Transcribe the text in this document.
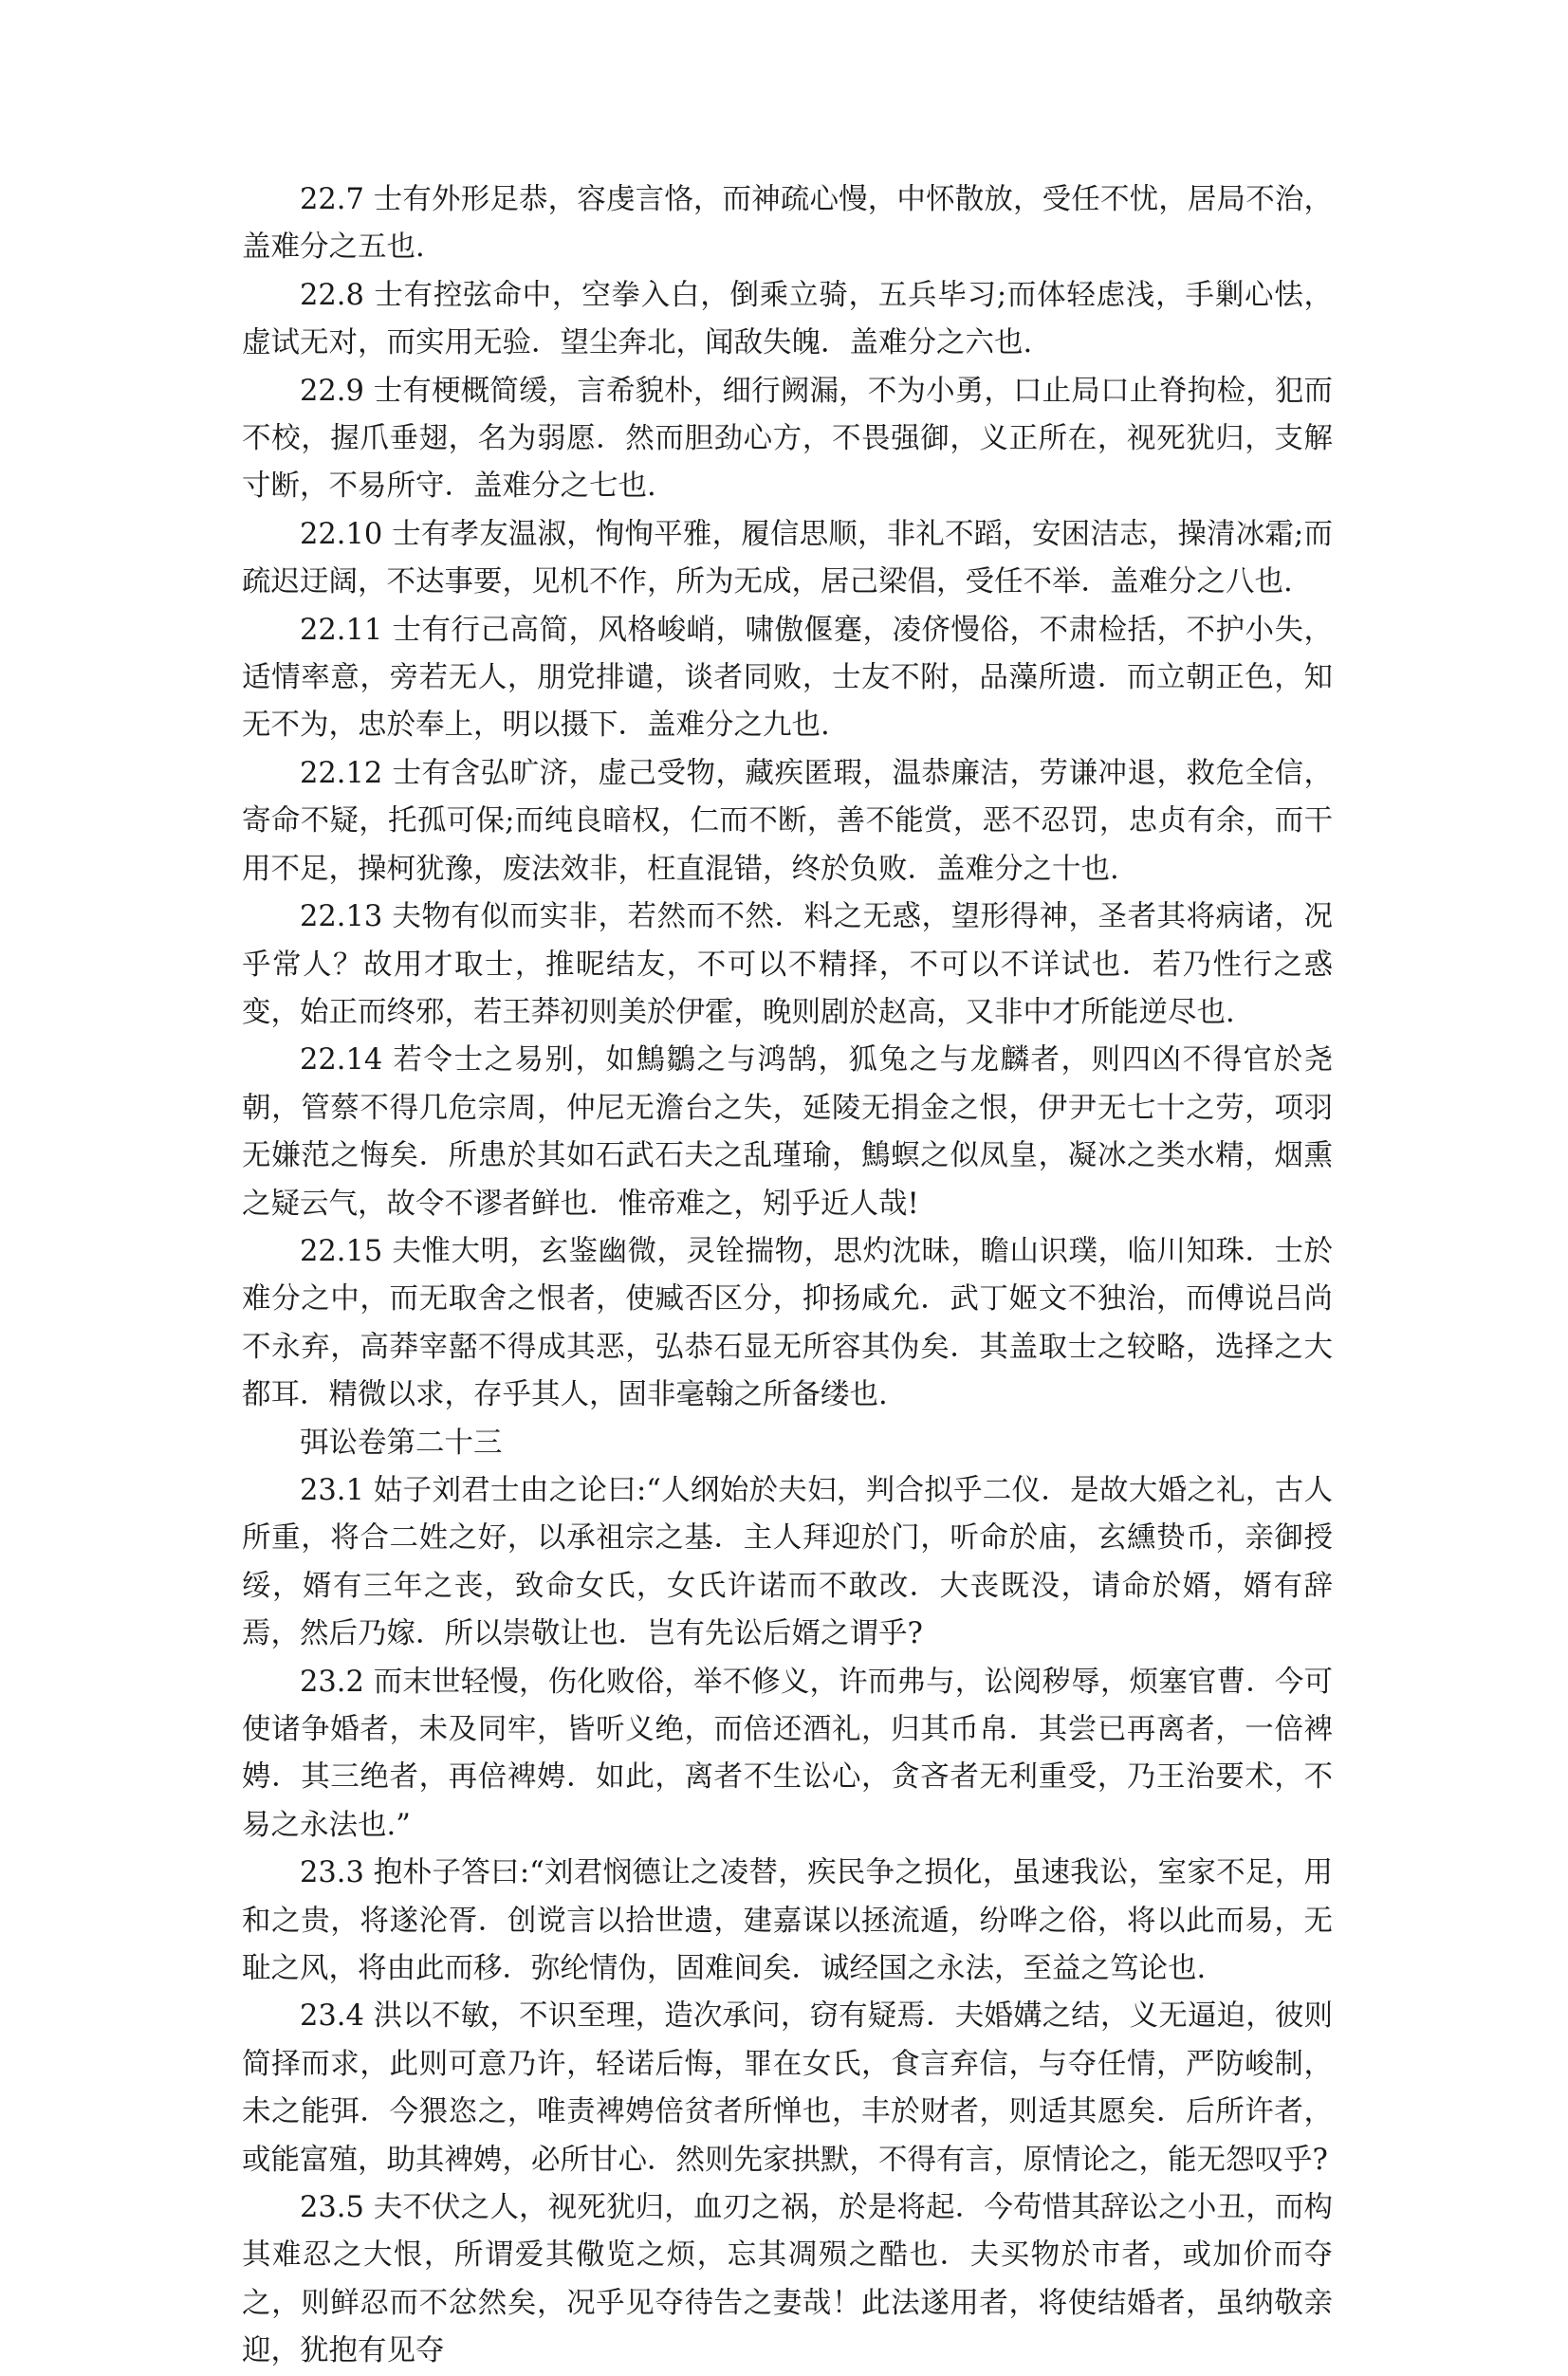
22.7 士有外形足恭，容虔言恪，而神疏心慢，中怀散放，受任不忧，居局不治，盖难分之五也.

22.8 士有控弦命中，空拳入白，倒乘立骑，五兵毕习;而体轻虑浅，手剿心怯，虚试无对，而实用无验．望尘奔北，闻敌失魄．盖难分之六也.

22.9 士有梗概简缓，言希貌朴，细行阙漏，不为小勇，口止局口止脊拘检，犯而不校，握爪垂翅，名为弱愿．然而胆劲心方，不畏强御，义正所在，视死犹归，支解寸断，不易所守．盖难分之七也.

22.10 士有孝友温淑，恂恂平雅，履信思顺，非礼不蹈，安困洁志，操清冰霜;而疏迟迂阔，不达事要，见机不作，所为无成，居己梁倡，受任不举．盖难分之八也.

22.11 士有行己高简，风格峻峭，啸傲偃蹇，凌侪慢俗，不肃检括，不护小失，适情率意，旁若无人，朋党排谴，谈者同败，士友不附，品藻所遗．而立朝正色，知无不为，忠於奉上，明以摄下．盖难分之九也.

22.12 士有含弘旷济，虚己受物，藏疾匿瑕，温恭廉洁，劳谦冲退，救危全信，寄命不疑，托孤可保;而纯良暗权，仁而不断，善不能赏，恶不忍罚，忠贞有余，而干用不足，操柯犹豫，废法效非，枉直混错，终於负败．盖难分之十也.

22.13 夫物有似而实非，若然而不然．料之无惑，望形得神，圣者其将病诸，况乎常人？故用才取士，推昵结友，不可以不精择，不可以不详试也．若乃性行之惑变，始正而终邪，若王莽初则美於伊霍，晚则剧於赵高，又非中才所能逆尽也.

22.14 若令士之易别，如鷦鶵之与鸿鹄，狐兔之与龙麟者，则四凶不得官於尧朝，管蔡不得几危宗周，仲尼无澹台之失，延陵无捐金之恨，伊尹无七十之劳，项羽无嫌范之悔矣．所患於其如石武石夫之乱瑾瑜，鷦螟之似凤皇，凝冰之类水精，烟熏之疑云气，故令不谬者鲜也．惟帝难之，矧乎近人哉!

22.15 夫惟大明，玄鉴幽微，灵铨揣物，思灼沈昧，瞻山识璞，临川知珠．士於难分之中，而无取舍之恨者，使臧否区分，抑扬咸允．武丁姬文不独治，而傅说吕尚不永弃，高莽宰嚭不得成其恶，弘恭石显无所容其伪矣．其盖取士之较略，选择之大都耳．精微以求，存乎其人，固非毫翰之所备缕也.

弭讼卷第二十三

23.1 姑子刘君士由之论曰:“人纲始於夫妇，判合拟乎二仪．是故大婚之礼，古人所重，将合二姓之好，以承祖宗之基．主人拜迎於门，听命於庙，玄纁贽币，亲御授绥，婿有三年之丧，致命女氏，女氏许诺而不敢改．大丧既没，请命於婿，婿有辞焉，然后乃嫁．所以崇敬让也．岂有先讼后婿之谓乎?

23.2 而末世轻慢，伤化败俗，举不修义，许而弗与，讼阅秽辱，烦塞官曹．今可使诸争婚者，未及同牢，皆听义绝，而倍还酒礼，归其币帛．其尝已再离者，一倍裨娉．其三绝者，再倍裨娉．如此，离者不生讼心，贪吝者无利重受，乃王治要术，不易之永法也.”

23.3 抱朴子答曰:“刘君悯德让之凌替，疾民争之损化，虽速我讼，室家不足，用和之贵，将遂沦胥．创谠言以拾世遗，建嘉谋以拯流遁，纷哗之俗，将以此而易，无耻之风，将由此而移．弥纶情伪，固难间矣．诚经国之永法，至益之笃论也.

23.4 洪以不敏，不识至理，造次承问，窃有疑焉．夫婚媾之结，义无逼迫，彼则简择而求，此则可意乃许，轻诺后悔，罪在女氏，食言弃信，与夺任情，严防峻制，未之能弭．今猥恣之，唯责裨娉倍贫者所惮也，丰於财者，则适其愿矣．后所许者，或能富殖，助其裨娉，必所甘心．然则先家拱默，不得有言，原情论之，能无怨叹乎?

23.5 夫不伏之人，视死犹归，血刃之祸，於是将起．今苟惜其辞讼之小丑，而构其难忍之大恨，所谓爱其儆览之烦，忘其凋殒之酷也．夫买物於市者，或加价而夺之，则鲜忍而不忿然矣，况乎见夺待告之妻哉！此法遂用者，将使结婚者，虽纳敬亲迎，犹抱有见夺
